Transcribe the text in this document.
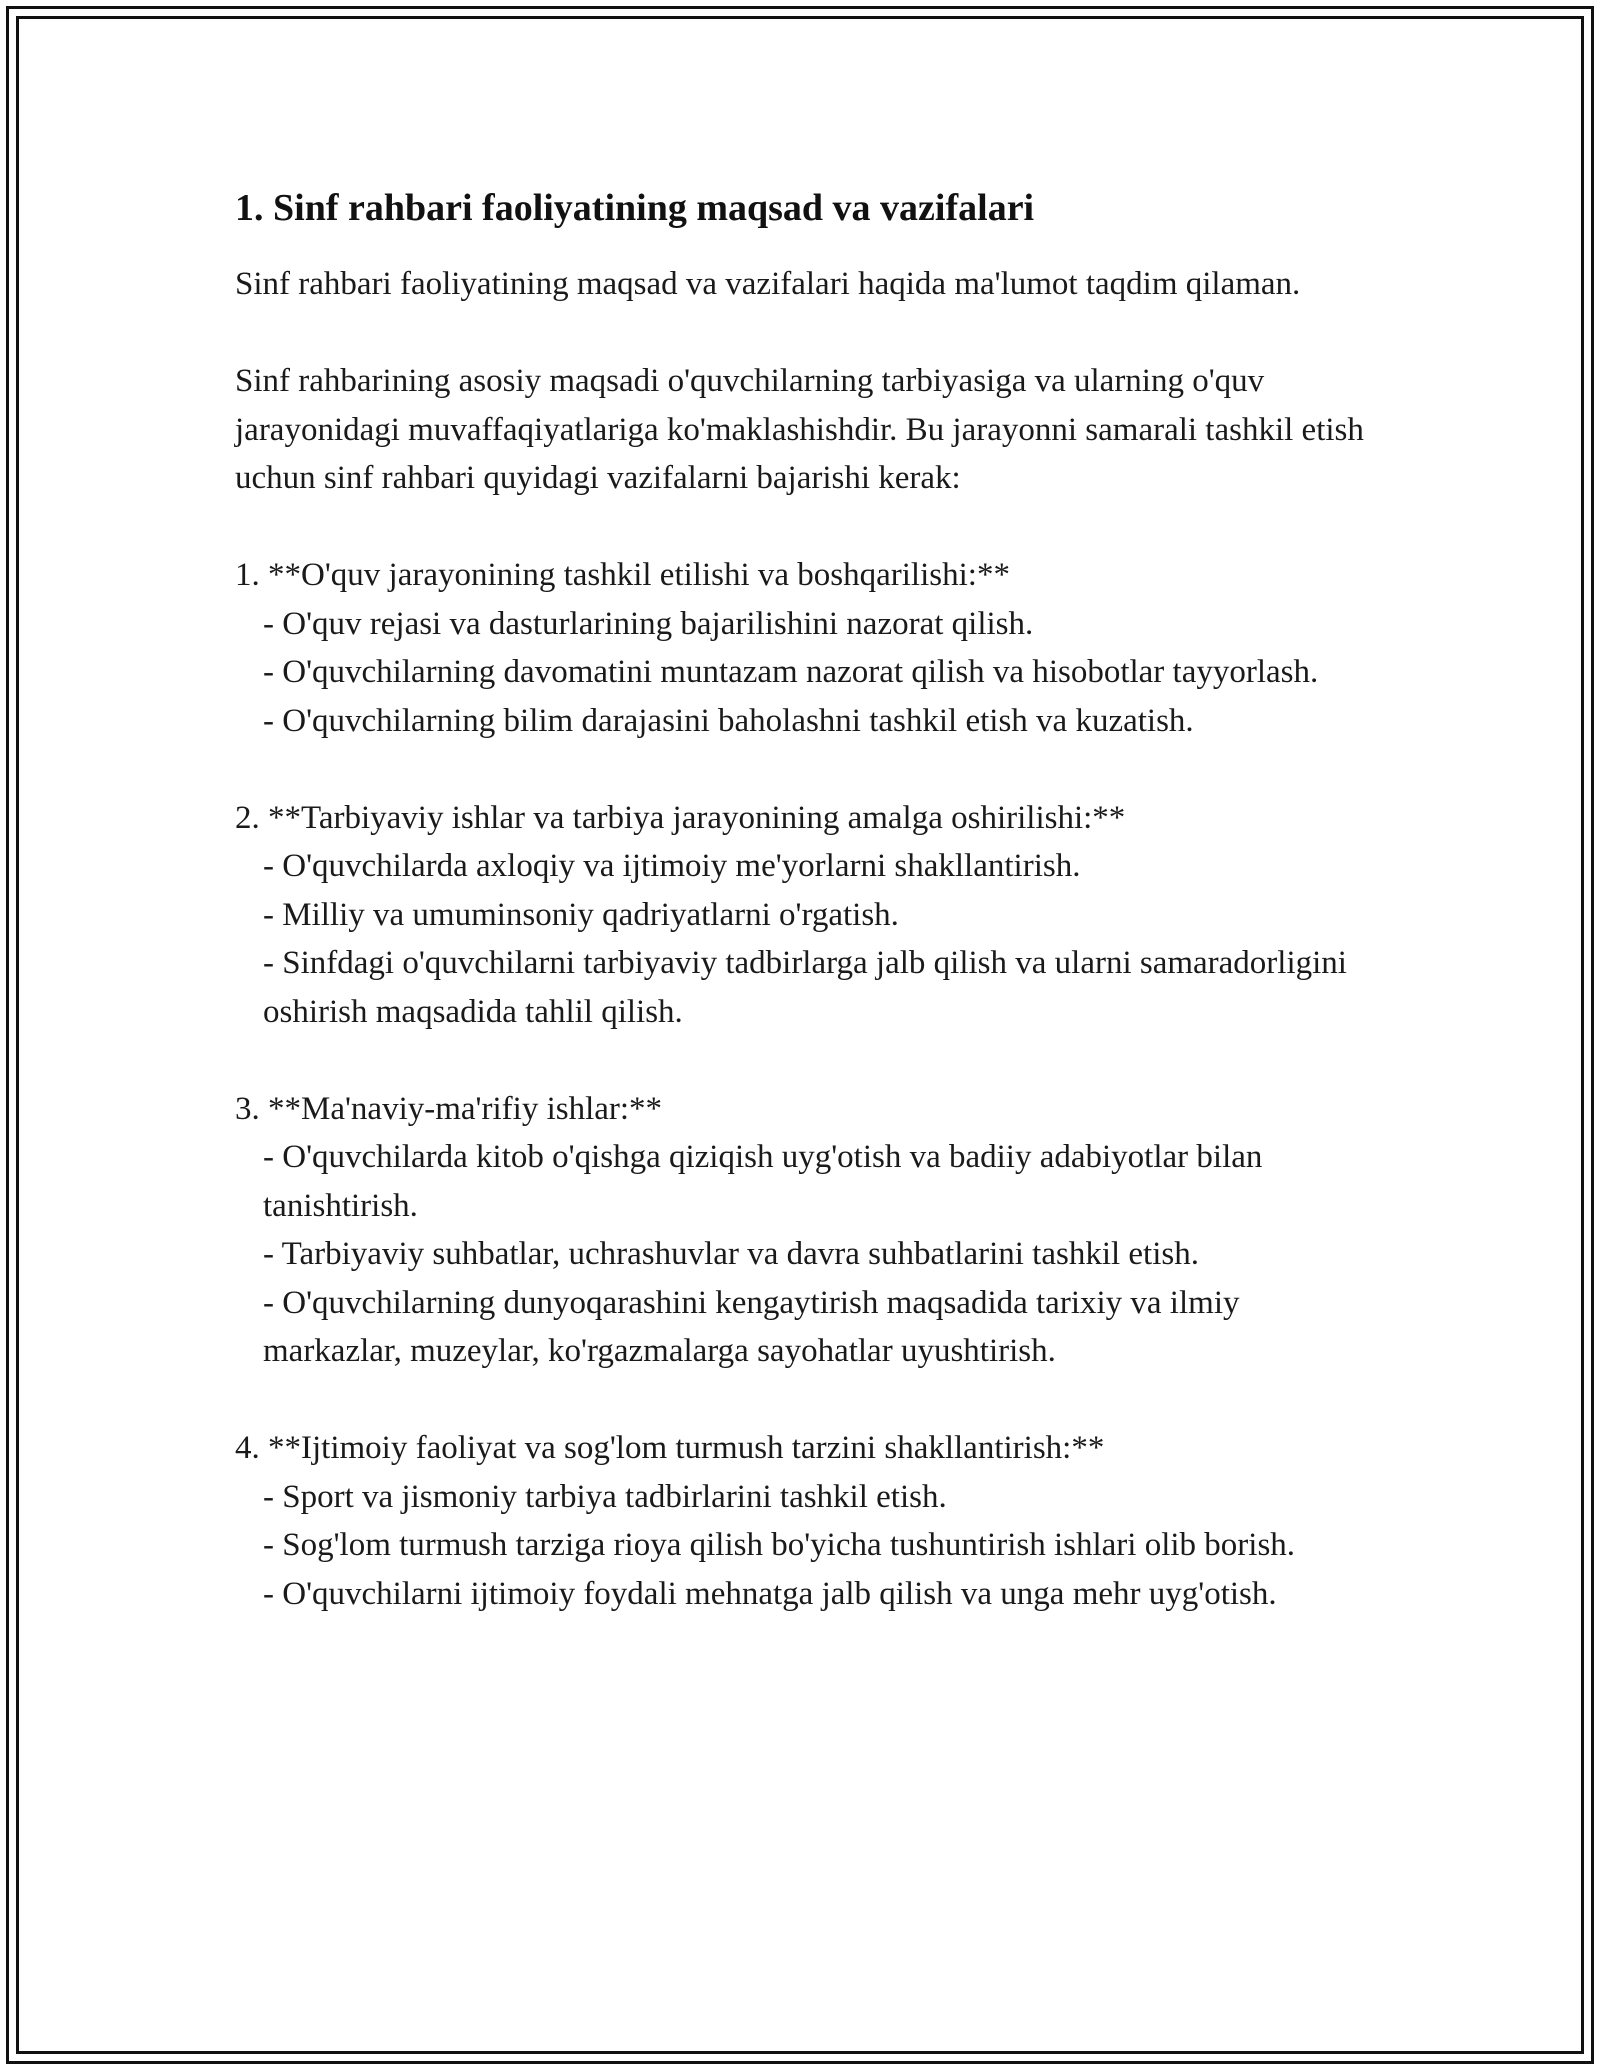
1. Sinf rahbari faoliyatining maqsad va vazifalari

Sinf rahbari faoliyatining maqsad va vazifalari haqida ma'lumot taqdim qilaman.

Sinf rahbarining asosiy maqsadi o'quvchilarning tarbiyasiga va ularning o'quv jarayonidagi muvaffaqiyatlariga ko'maklashishdir. Bu jarayonni samarali tashkil etish uchun sinf rahbari quyidagi vazifalarni bajarishi kerak:

1. **O'quv jarayonining tashkil etilishi va boshqarilishi:**
- O'quv rejasi va dasturlarining bajarilishini nazorat qilish.
- O'quvchilarning davomatini muntazam nazorat qilish va hisobotlar tayyorlash.
- O'quvchilarning bilim darajasini baholashni tashkil etish va kuzatish.
2. **Tarbiyaviy ishlar va tarbiya jarayonining amalga oshirilishi:**
- O'quvchilarda axloqiy va ijtimoiy me'yorlarni shakllantirish.
- Milliy va umuminsoniy qadriyatlarni o'rgatish.
- Sinfdagi o'quvchilarni tarbiyaviy tadbirlarga jalb qilish va ularni samaradorligini oshirish maqsadida tahlil qilish.
3. **Ma'naviy-ma'rifiy ishlar:**
- O'quvchilarda kitob o'qishga qiziqish uyg'otish va badiiy adabiyotlar bilan tanishtirish.
- Tarbiyaviy suhbatlar, uchrashuvlar va davra suhbatlarini tashkil etish.
- O'quvchilarning dunyoqarashini kengaytirish maqsadida tarixiy va ilmiy markazlar, muzeylar, ko'rgazmalarga sayohatlar uyushtirish.
4. **Ijtimoiy faoliyat va sog'lom turmush tarzini shakllantirish:**
- Sport va jismoniy tarbiya tadbirlarini tashkil etish.
- Sog'lom turmush tarziga rioya qilish bo'yicha tushuntirish ishlari olib borish.
- O'quvchilarni ijtimoiy foydali mehnatga jalb qilish va unga mehr uyg'otish.
